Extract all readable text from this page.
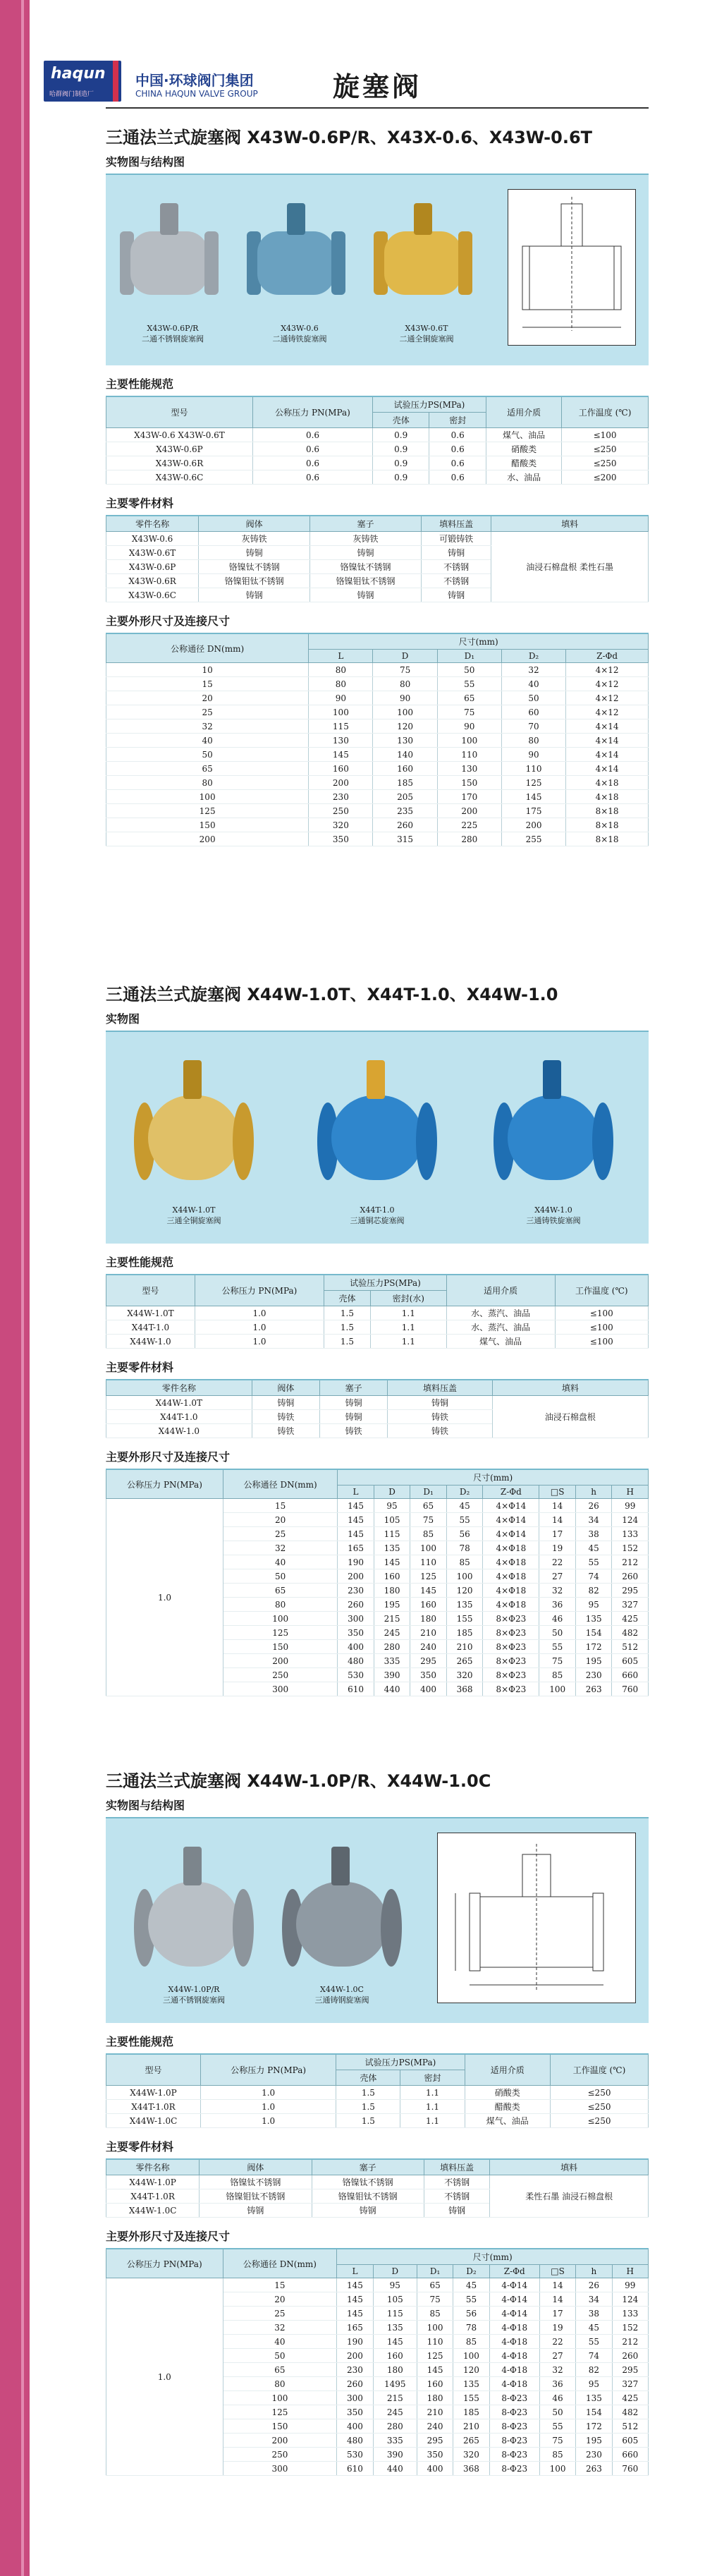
haqun
哈群阀门制造厂
中国·环球阀门集团
CHINA HAQUN VALVE GROUP	旋塞阀
三通法兰式旋塞阀 X43W-0.6P/R、X43X-0.6、X43W-0.6T
实物图与结构图
X43W-0.6P/R
二通不锈钢旋塞阀
X43W-0.6
二通铸铁旋塞阀
X43W-0.6T
二通全铜旋塞阀
主要性能规范
型号	公称压力 PN(MPa)	试验压力PS(MPa)		适用介质	工作温度 (℃)
		壳体	密封		
X43W-0.6 X43W-0.6T	0.6	0.9	0.6	煤气、油品	≤100
X43W-0.6P	0.6	0.9	0.6	硝酸类	≤250
X43W-0.6R	0.6	0.9	0.6	醋酸类	≤250
X43W-0.6C	0.6	0.9	0.6	水、油品	≤200
主要零件材料
零件名称	阀体	塞子	填料压盖	填料
X43W-0.6	灰铸铁	灰铸铁	可锻铸铁	油浸石棉盘根 柔性石墨
X43W-0.6T	铸铜	铸铜	铸铜	
X43W-0.6P	铬镍钛不锈钢	铬镍钛不锈钢	不锈钢	
X43W-0.6R	铬镍钼钛不锈钢	铬镍钼钛不锈钢	不锈钢	
X43W-0.6C	铸钢	铸钢	铸钢	
主要外形尺寸及连接尺寸
公称通径 DN(mm)	尺寸(mm)				
	L	D	D₁	D₂	Z-Φd
10	80	75	50	32	4×12
15	80	80	55	40	4×12
20	90	90	65	50	4×12
25	100	100	75	60	4×12
32	115	120	90	70	4×14
40	130	130	100	80	4×14
50	145	140	110	90	4×14
65	160	160	130	110	4×14
80	200	185	150	125	4×18
100	230	205	170	145	4×18
125	250	235	200	175	8×18
150	320	260	225	200	8×18
200	350	315	280	255	8×18
三通法兰式旋塞阀 X44W-1.0T、X44T-1.0、X44W-1.0
实物图
X44W-1.0T
三通全铜旋塞阀
X44T-1.0
三通铜芯旋塞阀
X44W-1.0
三通铸铁旋塞阀
主要性能规范
型号	公称压力 PN(MPa)	试验压力PS(MPa)		适用介质	工作温度 (℃)
		壳体	密封(水)		
X44W-1.0T	1.0	1.5	1.1	水、蒸汽、油品	≤100
X44T-1.0	1.0	1.5	1.1	水、蒸汽、油品	≤100
X44W-1.0	1.0	1.5	1.1	煤气、油品	≤100
主要零件材料
零件名称	阀体	塞子	填料压盖	填料
X44W-1.0T	铸铜	铸铜	铸铜	油浸石棉盘根
X44T-1.0	铸铁	铸铜	铸铁	
X44W-1.0	铸铁	铸铁	铸铁	
主要外形尺寸及连接尺寸
公称压力 PN(MPa)	公称通径 DN(mm)	尺寸(mm)							
		L	D	D₁	D₂	Z-Φd	□S	h	H
1.0	15	145	95	65	45	4×Φ14	14	26	99
	20	145	105	75	55	4×Φ14	14	34	124
	25	145	115	85	56	4×Φ14	17	38	133
	32	165	135	100	78	4×Φ18	19	45	152
	40	190	145	110	85	4×Φ18	22	55	212
	50	200	160	125	100	4×Φ18	27	74	260
	65	230	180	145	120	4×Φ18	32	82	295
	80	260	195	160	135	4×Φ18	36	95	327
	100	300	215	180	155	8×Φ23	46	135	425
	125	350	245	210	185	8×Φ23	50	154	482
	150	400	280	240	210	8×Φ23	55	172	512
	200	480	335	295	265	8×Φ23	75	195	605
	250	530	390	350	320	8×Φ23	85	230	660
	300	610	440	400	368	8×Φ23	100	263	760
三通法兰式旋塞阀 X44W-1.0P/R、X44W-1.0C
实物图与结构图
X44W-1.0P/R
三通不锈钢旋塞阀
X44W-1.0C
三通铸钢旋塞阀
主要性能规范
型号	公称压力 PN(MPa)	试验压力PS(MPa)		适用介质	工作温度 (℃)
		壳体	密封		
X44W-1.0P	1.0	1.5	1.1	硝酸类	≤250
X44T-1.0R	1.0	1.5	1.1	醋酸类	≤250
X44W-1.0C	1.0	1.5	1.1	煤气、油品	≤250
主要零件材料
零件名称	阀体	塞子	填料压盖	填料
X44W-1.0P	铬镍钛不锈钢	铬镍钛不锈钢	不锈钢	柔性石墨 油浸石棉盘根
X44T-1.0R	铬镍钼钛不锈钢	铬镍钼钛不锈钢	不锈钢	
X44W-1.0C	铸钢	铸钢	铸钢	
主要外形尺寸及连接尺寸
公称压力 PN(MPa)	公称通径 DN(mm)	尺寸(mm)							
		L	D	D₁	D₂	Z-Φd	□S	h	H
1.0	15	145	95	65	45	4-Φ14	14	26	99
	20	145	105	75	55	4-Φ14	14	34	124
	25	145	115	85	56	4-Φ14	17	38	133
	32	165	135	100	78	4-Φ18	19	45	152
	40	190	145	110	85	4-Φ18	22	55	212
	50	200	160	125	100	4-Φ18	27	74	260
	65	230	180	145	120	4-Φ18	32	82	295
	80	260	1495	160	135	4-Φ18	36	95	327
	100	300	215	180	155	8-Φ23	46	135	425
	125	350	245	210	185	8-Φ23	50	154	482
	150	400	280	240	210	8-Φ23	55	172	512
	200	480	335	295	265	8-Φ23	75	195	605
	250	530	390	350	320	8-Φ23	85	230	660
	300	610	440	400	368	8-Φ23	100	263	760
